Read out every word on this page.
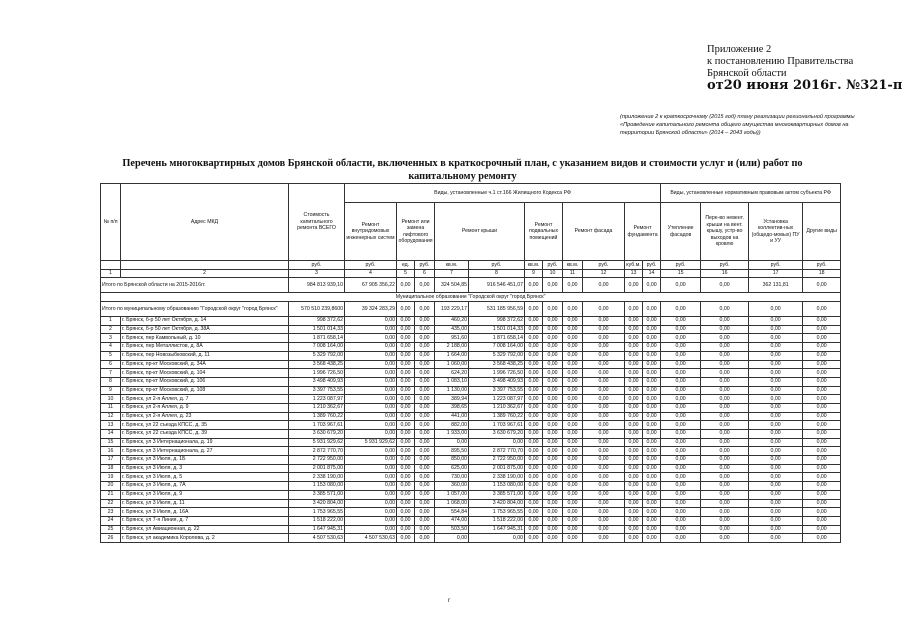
Приложение 2
к постановлению Правительства
Брянской области
от20 июня 2016г. №321-п
(приложение 2 к краткосрочному (2015 год) плану реализации региональной программы «Проведение капитального ремонта общего имущества многоквартирных домов на территории Брянской области» (2014 – 2043 годы))
Перечень многоквартирных домов Брянской области, включенных в краткосрочный план, с указанием видов и стоимости услуг и (или) работ по капитальному ремонту
№ п/п	Адрес МКД	Стоимость капитального ремонта ВСЕГО	Виды, установленные ч.1 ст.166 Жилищного Кодекса РФ											Виды, установленные нормативным правовым актом субъекта РФ			
			Ремонт внутридомовых инженерных систем	Ремонт или замена лифтового оборудования		Ремонт крыши		Ремонт подвальных помещений		Ремонт фасада		Ремонт фундамента		Утепление фасадов	Пере-во невент. крыши на вент. крышу, устр-во выходов на кровлю	Установка коллектив-ных (общедо-мовых) ПУ и УУ	Другие виды
		руб.	руб.	ед.	руб.	кв.м.	руб.	кв.м.	руб.	кв.м.	руб.	куб.м.	руб.	руб.	руб.	руб.	руб.
1	2	3	4	5	6	7	8	9	10	11	12	13	14	15	16	17	18
Итого по Брянской области на 2015-2016гг.		984 813 939,10	67 905 356,22	0,00	0,00	324 504,85	916 546 451,07	0,00	0,00	0,00	0,00	0,00	0,00	0,00	0,00	362 131,81	0,00
Муниципальное образование "Городской округ "город Брянск"																	
Итого по муниципальному образованию "Городской округ "город Брянск"		570 510 239,8600	39 324 283,29	0,00	0,00	193 229,17	531 185 956,59	0,00	0,00	0,00	0,00	0,00	0,00	0,00	0,00	0,00	0,00
1	г. Брянск, б-р 50 лет Октября, д. 14	998 372,62	0,00	0,00	0,00	460,20	998 372,62	0,00	0,00	0,00	0,00	0,00	0,00	0,00	0,00	0,00	0,00
2	г. Брянск, б-р 50 лет Октября, д. 38А	1 501 014,33	0,00	0,00	0,00	435,00	1 501 014,33	0,00	0,00	0,00	0,00	0,00	0,00	0,00	0,00	0,00	0,00
3	г. Брянск, пер Камвольный, д. 10	1 871 658,14	0,00	0,00	0,00	951,60	1 871 658,14	0,00	0,00	0,00	0,00	0,00	0,00	0,00	0,00	0,00	0,00
4	г. Брянск, пер Металлистов, д. 8А	7 008 164,00	0,00	0,00	0,00	2 188,00	7 008 164,00	0,00	0,00	0,00	0,00	0,00	0,00	0,00	0,00	0,00	0,00
5	г. Брянск, пер Новозыбковский, д. 11	5 329 792,00	0,00	0,00	0,00	1 664,00	5 329 792,00	0,00	0,00	0,00	0,00	0,00	0,00	0,00	0,00	0,00	0,00
6	г. Брянск, пр-кт Московский, д. 34А	3 568 438,25	0,00	0,00	0,00	1 060,00	3 568 438,25	0,00	0,00	0,00	0,00	0,00	0,00	0,00	0,00	0,00	0,00
7	г. Брянск, пр-кт Московский, д. 104	1 996 726,50	0,00	0,00	0,00	624,20	1 996 726,50	0,00	0,00	0,00	0,00	0,00	0,00	0,00	0,00	0,00	0,00
8	г. Брянск, пр-кт Московский, д. 106	3 498 409,93	0,00	0,00	0,00	1 083,10	3 498 409,93	0,00	0,00	0,00	0,00	0,00	0,00	0,00	0,00	0,00	0,00
9	г. Брянск, пр-кт Московский, д. 108	3 397 753,55	0,00	0,00	0,00	1 130,00	3 397 753,55	0,00	0,00	0,00	0,00	0,00	0,00	0,00	0,00	0,00	0,00
10	г. Брянск, ул 2-я Аллея, д. 7	1 223 087,97	0,00	0,00	0,00	389,94	1 223 087,97	0,00	0,00	0,00	0,00	0,00	0,00	0,00	0,00	0,00	0,00
11	г. Брянск, ул 2-я Аллея, д. 9	1 210 362,67	0,00	0,00	0,00	398,65	1 210 362,67	0,00	0,00	0,00	0,00	0,00	0,00	0,00	0,00	0,00	0,00
12	г. Брянск, ул 2-я Аллея, д. 23	1 389 760,22	0,00	0,00	0,00	441,00	1 389 760,22	0,00	0,00	0,00	0,00	0,00	0,00	0,00	0,00	0,00	0,00
13	г. Брянск, ул 22 съезда КПСС, д. 35	1 703 967,61	0,00	0,00	0,00	882,00	1 703 967,61	0,00	0,00	0,00	0,00	0,00	0,00	0,00	0,00	0,00	0,00
14	г. Брянск, ул 22 съезда КПСС, д. 39	3 630 679,20	0,00	0,00	0,00	1 933,00	3 630 679,20	0,00	0,00	0,00	0,00	0,00	0,00	0,00	0,00	0,00	0,00
15	г. Брянск, ул 3 Интернационала, д. 19	5 931 929,62	5 931 929,62	0,00	0,00	0,00	0,00	0,00	0,00	0,00	0,00	0,00	0,00	0,00	0,00	0,00	0,00
16	г. Брянск, ул 3 Интернационала, д. 27	2 872 770,70	0,00	0,00	0,00	895,50	2 872 770,70	0,00	0,00	0,00	0,00	0,00	0,00	0,00	0,00	0,00	0,00
17	г. Брянск, ул 3 Июля, д. 1Б	2 722 950,00	0,00	0,00	0,00	850,00	2 722 950,00	0,00	0,00	0,00	0,00	0,00	0,00	0,00	0,00	0,00	0,00
18	г. Брянск, ул 3 Июля, д. 3	2 001 875,00	0,00	0,00	0,00	625,00	2 001 875,00	0,00	0,00	0,00	0,00	0,00	0,00	0,00	0,00	0,00	0,00
19	г. Брянск, ул 3 Июля, д. 5	2 338 190,00	0,00	0,00	0,00	730,00	2 338 190,00	0,00	0,00	0,00	0,00	0,00	0,00	0,00	0,00	0,00	0,00
20	г. Брянск, ул 3 Июля, д. 7А	1 153 080,00	0,00	0,00	0,00	360,00	1 153 080,00	0,00	0,00	0,00	0,00	0,00	0,00	0,00	0,00	0,00	0,00
21	г. Брянск, ул 3 Июля, д. 9	3 385 571,00	0,00	0,00	0,00	1 057,00	3 385 571,00	0,00	0,00	0,00	0,00	0,00	0,00	0,00	0,00	0,00	0,00
22	г. Брянск, ул 3 Июля, д. 11	3 420 804,00	0,00	0,00	0,00	1 068,00	3 420 804,00	0,00	0,00	0,00	0,00	0,00	0,00	0,00	0,00	0,00	0,00
23	г. Брянск, ул 3 Июля, д. 16А	1 753 965,55	0,00	0,00	0,00	554,84	1 753 965,55	0,00	0,00	0,00	0,00	0,00	0,00	0,00	0,00	0,00	0,00
24	г. Брянск, ул 7-я Линия, д. 7	1 518 222,00	0,00	0,00	0,00	474,00	1 518 222,00	0,00	0,00	0,00	0,00	0,00	0,00	0,00	0,00	0,00	0,00
25	г. Брянск, ул Авиационная, д. 22	1 647 945,31	0,00	0,00	0,00	503,50	1 647 945,31	0,00	0,00	0,00	0,00	0,00	0,00	0,00	0,00	0,00	0,00
26	г. Брянск, ул академика Королева, д. 2	4 507 530,63	4 507 530,63	0,00	0,00	0,00	0,00	0,00	0,00	0,00	0,00	0,00	0,00	0,00	0,00	0,00	0,00
r
